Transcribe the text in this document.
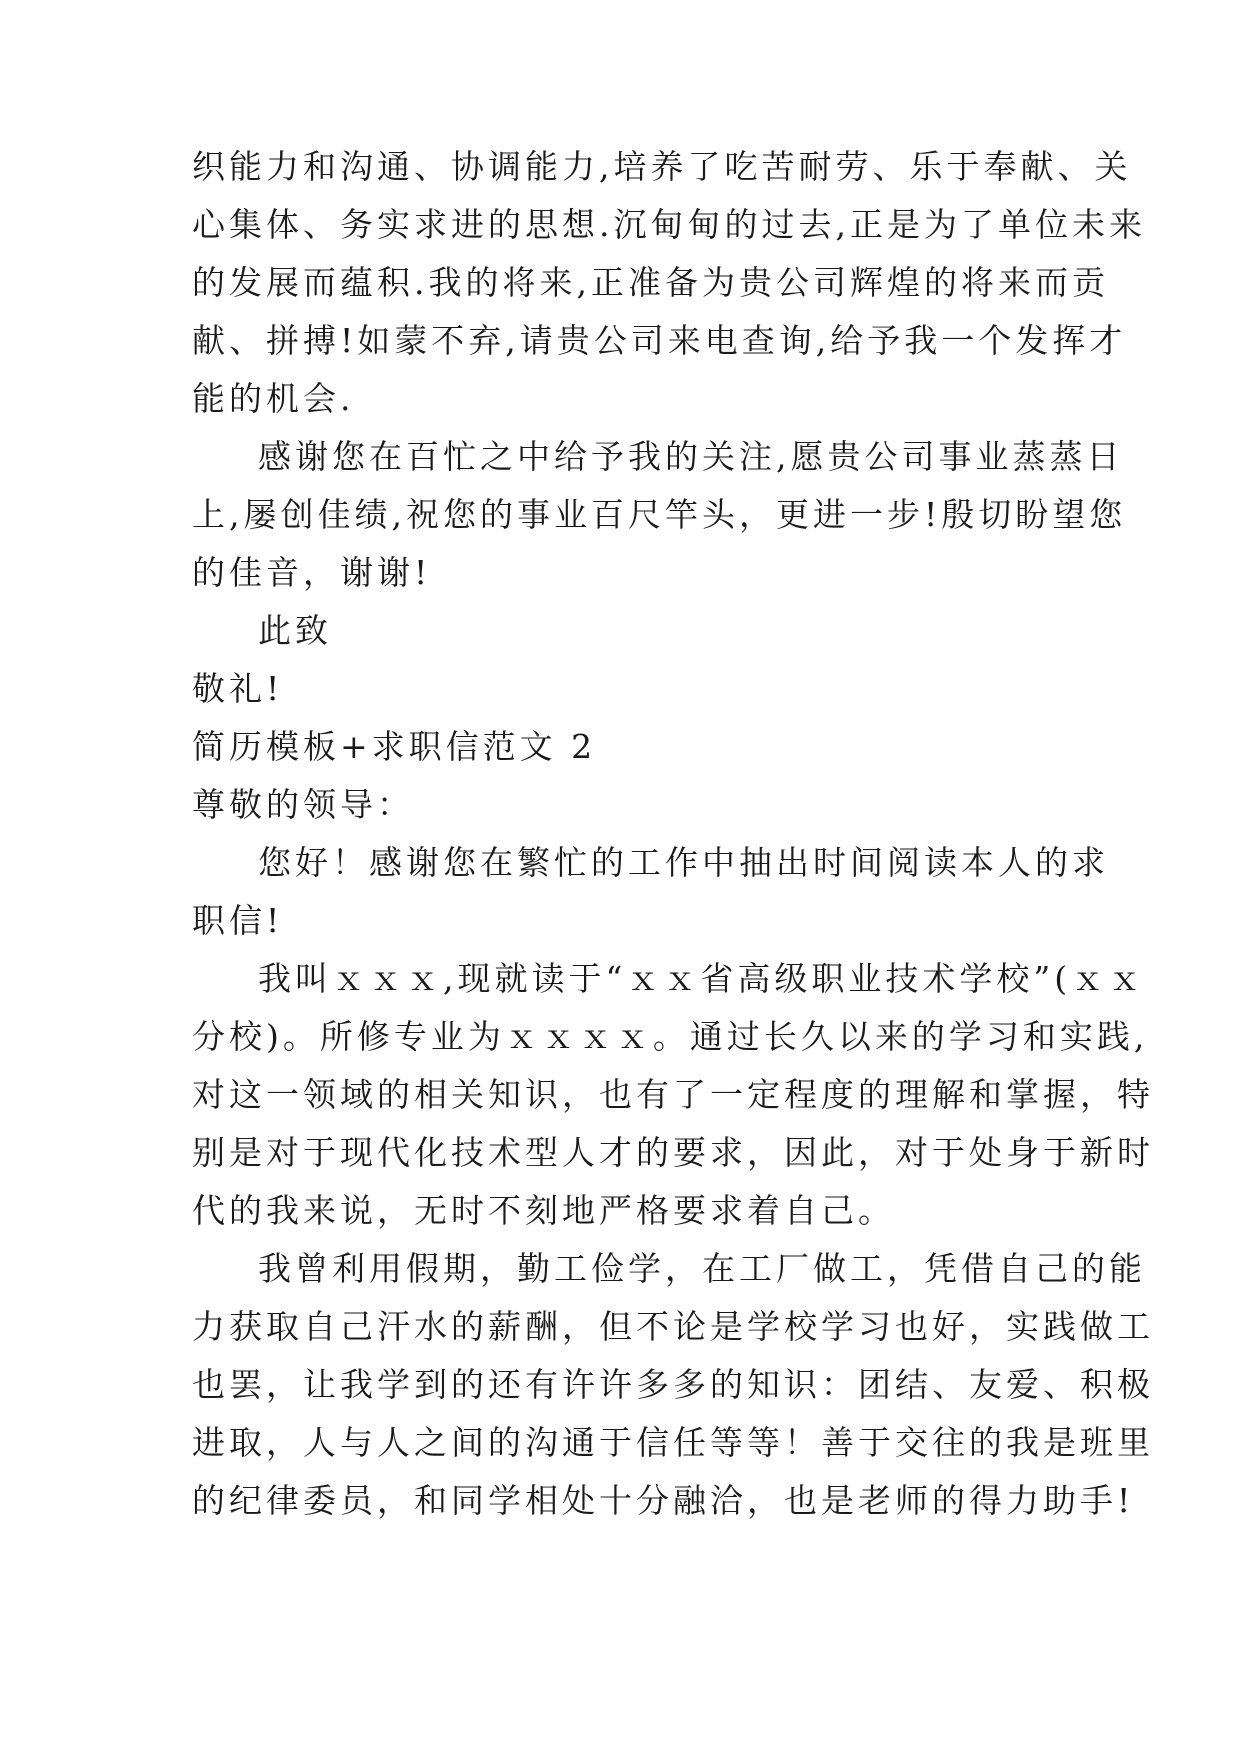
织能力和沟通、协调能力,培养了吃苦耐劳、乐于奉献、关
心集体、务实求进的思想.沉甸甸的过去,正是为了单位未来
的发展而蕴积.我的将来,正准备为贵公司辉煌的将来而贡
献、拼搏!如蒙不弃,请贵公司来电查询,给予我一个发挥才
能的机会.
感谢您在百忙之中给予我的关注,愿贵公司事业蒸蒸日
上,屡创佳绩,祝您的事业百尺竿头，更进一步!殷切盼望您
的佳音，谢谢!
此致
敬礼!
简历模板+求职信范文 2
尊敬的领导：
您好！感谢您在繁忙的工作中抽出时间阅读本人的求
职信!
我叫ｘｘｘ,现就读于“ｘｘ省高级职业技术学校”(ｘｘ
分校)。所修专业为ｘｘｘｘ。通过长久以来的学习和实践,
对这一领域的相关知识，也有了一定程度的理解和掌握，特
别是对于现代化技术型人才的要求，因此，对于处身于新时
代的我来说，无时不刻地严格要求着自己。
我曾利用假期，勤工俭学，在工厂做工，凭借自己的能
力获取自己汗水的薪酬，但不论是学校学习也好，实践做工
也罢，让我学到的还有许许多多的知识：团结、友爱、积极
进取，人与人之间的沟通于信任等等！善于交往的我是班里
的纪律委员，和同学相处十分融洽，也是老师的得力助手!
